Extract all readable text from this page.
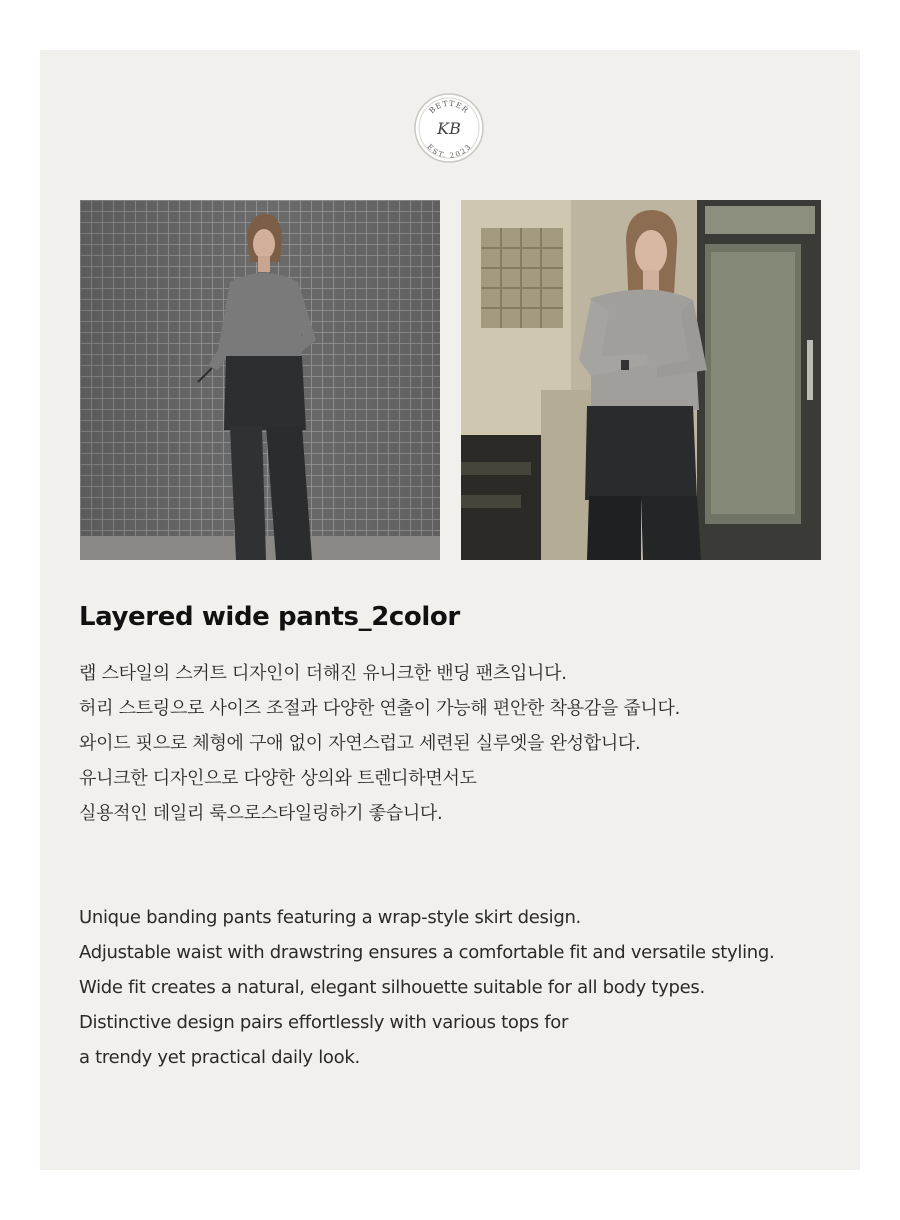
BETTER
EST. 2023
KB
Layered wide pants_2color
랩 스타일의 스커트 디자인이 더해진 유니크한 밴딩 팬츠입니다.
허리 스트링으로 사이즈 조절과 다양한 연출이 가능해 편안한 착용감을 줍니다.
와이드 핏으로 체형에 구애 없이 자연스럽고 세련된 실루엣을 완성합니다.
유니크한 디자인으로 다양한 상의와 트렌디하면서도
실용적인 데일리 룩으로스타일링하기 좋습니다.
Unique banding pants featuring a wrap-style skirt design.
Adjustable waist with drawstring ensures a comfortable fit and versatile styling.
Wide fit creates a natural, elegant silhouette suitable for all body types.
Distinctive design pairs effortlessly with various tops for
a trendy yet practical daily look.
